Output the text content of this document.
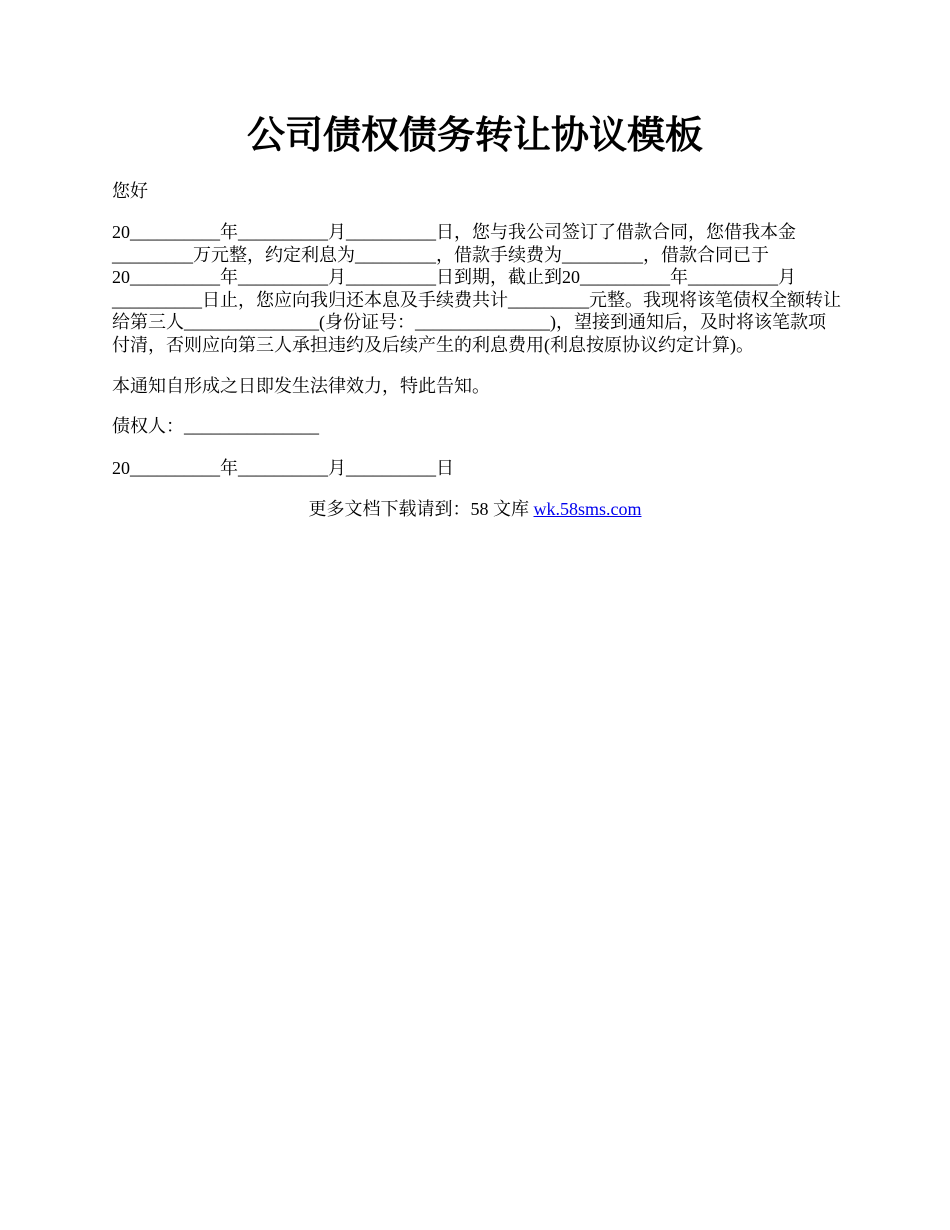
公司债权债务转让协议模板

您好

20__________年__________月__________日，您与我公司签订了借款合同，您借我本金_________万元整，约定利息为_________，借款手续费为_________，借款合同已于20__________年__________月__________日到期，截止到20__________年__________月__________日止，您应向我归还本息及手续费共计_________元整。我现将该笔债权全额转让给第三人_______________(身份证号：_______________)，望接到通知后，及时将该笔款项付清，否则应向第三人承担违约及后续产生的利息费用(利息按原协议约定计算)。

本通知自形成之日即发生法律效力，特此告知。

债权人：_______________

20__________年__________月__________日

更多文档下载请到：58 文库 wk.58sms.com
